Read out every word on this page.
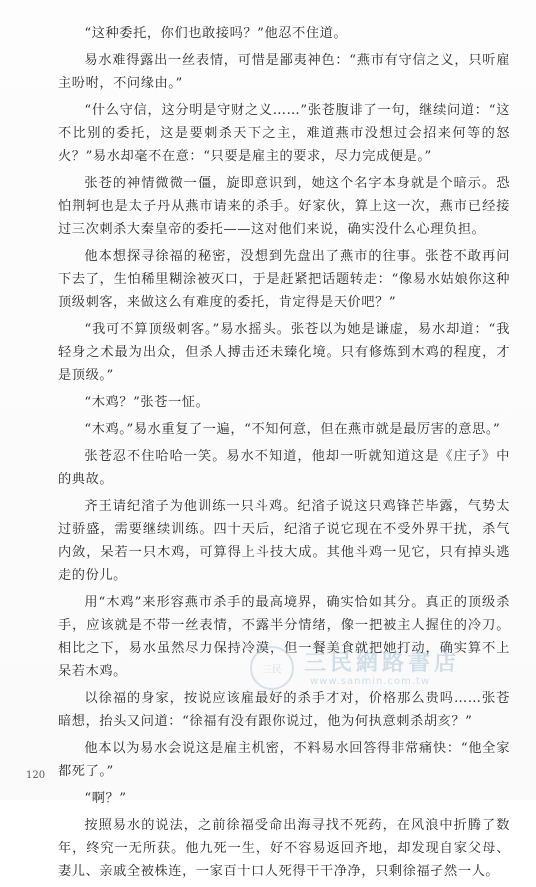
“这种委托，你们也敢接吗？”他忍不住道。

易水难得露出一丝表情，可惜是鄙夷神色：“燕市有守信之义，只听雇主吩咐，不问缘由。”

“什么守信，这分明是守财之义……”张苍腹诽了一句，继续问道：“这不比别的委托，这是要刺杀天下之主，难道燕市没想过会招来何等的怒火？”易水却毫不在意：“只要是雇主的要求，尽力完成便是。”

张苍的神情微微一僵，旋即意识到，她这个名字本身就是个暗示。恐怕荆轲也是太子丹从燕市请来的杀手。好家伙，算上这一次，燕市已经接过三次刺杀大秦皇帝的委托——这对他们来说，确实没什么心理负担。

他本想探寻徐福的秘密，没想到先盘出了燕市的往事。张苍不敢再问下去了，生怕稀里糊涂被灭口，于是赶紧把话题转走：“像易水姑娘你这种顶级刺客，来做这么有难度的委托，肯定得是天价吧？”

“我可不算顶级刺客。”易水摇头。张苍以为她是谦虚，易水却道：“我轻身之术最为出众，但杀人搏击还未臻化境。只有修炼到木鸡的程度，才是顶级。”

“木鸡？”张苍一怔。

“木鸡。”易水重复了一遍，“不知何意，但在燕市就是最厉害的意思。”

张苍忍不住哈哈一笑。易水不知道，他却一听就知道这是《庄子》中的典故。

齐王请纪渻子为他训练一只斗鸡。纪渻子说这只鸡锋芒毕露，气势太过骄盛，需要继续训练。四十天后，纪渻子说它现在不受外界干扰，杀气内敛，呆若一只木鸡，可算得上斗技大成。其他斗鸡一见它，只有掉头逃走的份儿。

用“木鸡”来形容燕市杀手的最高境界，确实恰如其分。真正的顶级杀手，应该就是不带一丝表情，不露半分情绪，像一把被主人握住的冷刀。相比之下，易水虽然尽力保持冷漠，但一餐美食就把她打动，确实算不上呆若木鸡。

以徐福的身家，按说应该雇最好的杀手才对，价格那么贵吗……张苍暗想，抬头又问道：“徐福有没有跟你说过，他为何执意刺杀胡亥？”

他本以为易水会说这是雇主机密，不料易水回答得非常痛快：“他全家都死了。”

“啊？”

按照易水的说法，之前徐福受命出海寻找不死药，在风浪中折腾了数年，终究一无所获。他九死一生，好不容易返回齐地，却发现自家父母、妻儿、亲戚全被株连，一家百十口人死得干干净净，只剩徐福孑然一人。

三民	三民網路書店
www.sanmin.com.tw
120
